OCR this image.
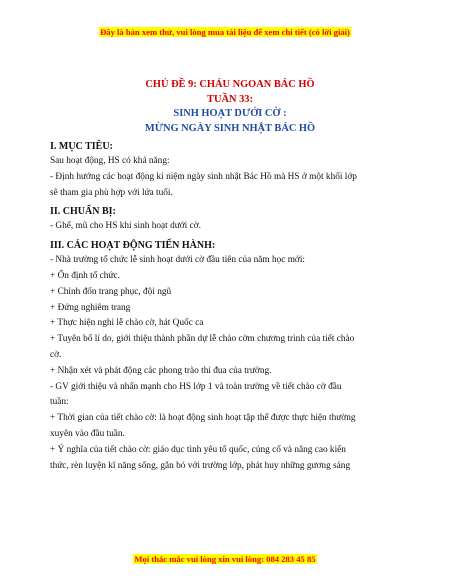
Đây là bản xem thử, vui lòng mua tài liệu để xem chi tiết (có lời giải)
CHỦ ĐỀ 9: CHÁU NGOAN BÁC HỒ
TUẦN 33:
SINH HOẠT DƯỚI CỜ :
MỪNG NGÀY SINH NHẬT BÁC HỒ
I. MỤC TIÊU:
Sau hoạt động, HS có khả năng:
- Định hướng các hoạt động kỉ niệm ngày sinh nhật Bác Hồ mà HS ở một khối lớp
sẽ tham gia phù hợp với lứa tuổi.
II. CHUẨN BỊ:
- Ghế, mũ cho HS khi sinh hoạt dưới cờ.
III. CÁC HOẠT ĐỘNG TIẾN HÀNH:
- Nhà trường tổ chức lễ sinh hoạt dưới cờ đầu tiên của năm học mới:
+ Ổn định tổ chức.
+ Chỉnh đốn trang phục, đội ngũ
+ Đứng nghiêm trang
+ Thực hiện nghi lễ chào cờ, hát Quốc ca
+ Tuyên bố lí do, giới thiệu thành phần dự lễ chào cờm chương trình của tiết chào
cờ.
+ Nhận xét và phát động các phong trào thi đua của trường.
- GV giới thiệu và nhấn mạnh cho HS lớp 1 và toàn trường về tiết chào cờ đầu
tuần:
+ Thời gian của tiết chào cờ: là hoạt động sinh hoạt tập thể được thực hiện thường
xuyên vào đầu tuần.
+ Ý nghĩa của tiết chào cờ: giáo dục tình yêu tổ quốc, củng cố và nâng cao kiến
thức, rèn luyện kĩ năng sống, gắn bó với trường lớp, phát huy những gương sáng
Mọi thắc mắc vui lòng xin vui lòng: 084 283 45 85
